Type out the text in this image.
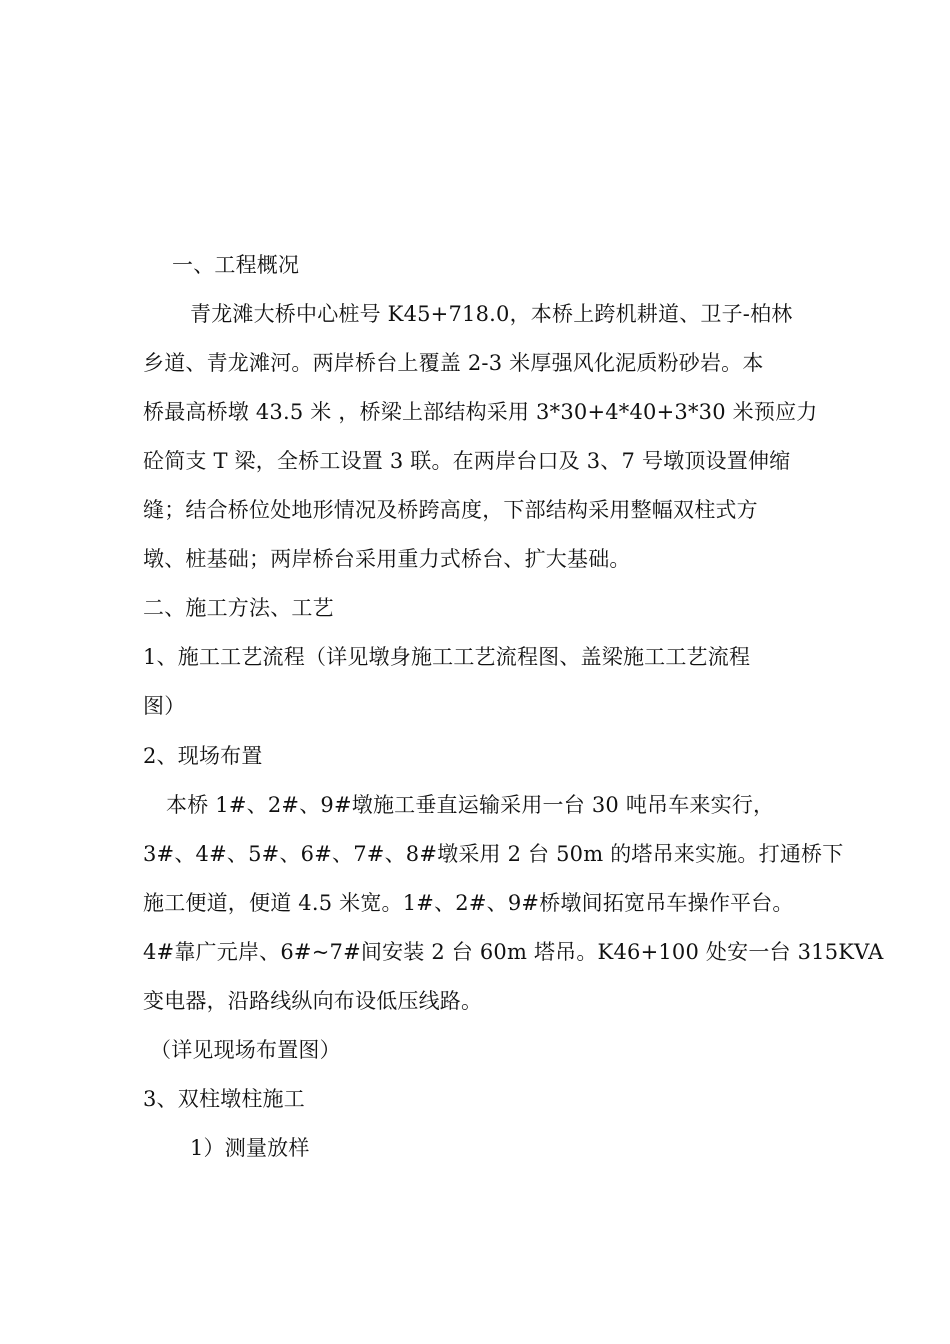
一、工程概况
青龙滩大桥中心桩号 K45+718.0，本桥上跨机耕道、卫子-柏林
乡道、青龙滩河。两岸桥台上覆盖 2-3 米厚强风化泥质粉砂岩。本
桥最高桥墩 43.5 米 ，桥梁上部结构采用 3*30+4*40+3*30 米预应力
砼简支 T 梁，全桥工设置 3 联。在两岸台口及 3、7 号墩顶设置伸缩
缝；结合桥位处地形情况及桥跨高度，下部结构采用整幅双柱式方
墩、桩基础；两岸桥台采用重力式桥台、扩大基础。
二、施工方法、工艺
1、施工工艺流程（详见墩身施工工艺流程图、盖梁施工工艺流程
图）
2、现场布置
本桥 1#、2#、9#墩施工垂直运输采用一台 30 吨吊车来实行，
3#、4#、5#、6#、7#、8#墩采用 2 台 50m 的塔吊来实施。打通桥下
施工便道，便道 4.5 米宽。1#、2#、9#桥墩间拓宽吊车操作平台。
4#靠广元岸、6#~7#间安装 2 台 60m 塔吊。K46+100 处安一台 315KVA
变电器，沿路线纵向布设低压线路。
（详见现场布置图）
3、双柱墩柱施工
1）测量放样
